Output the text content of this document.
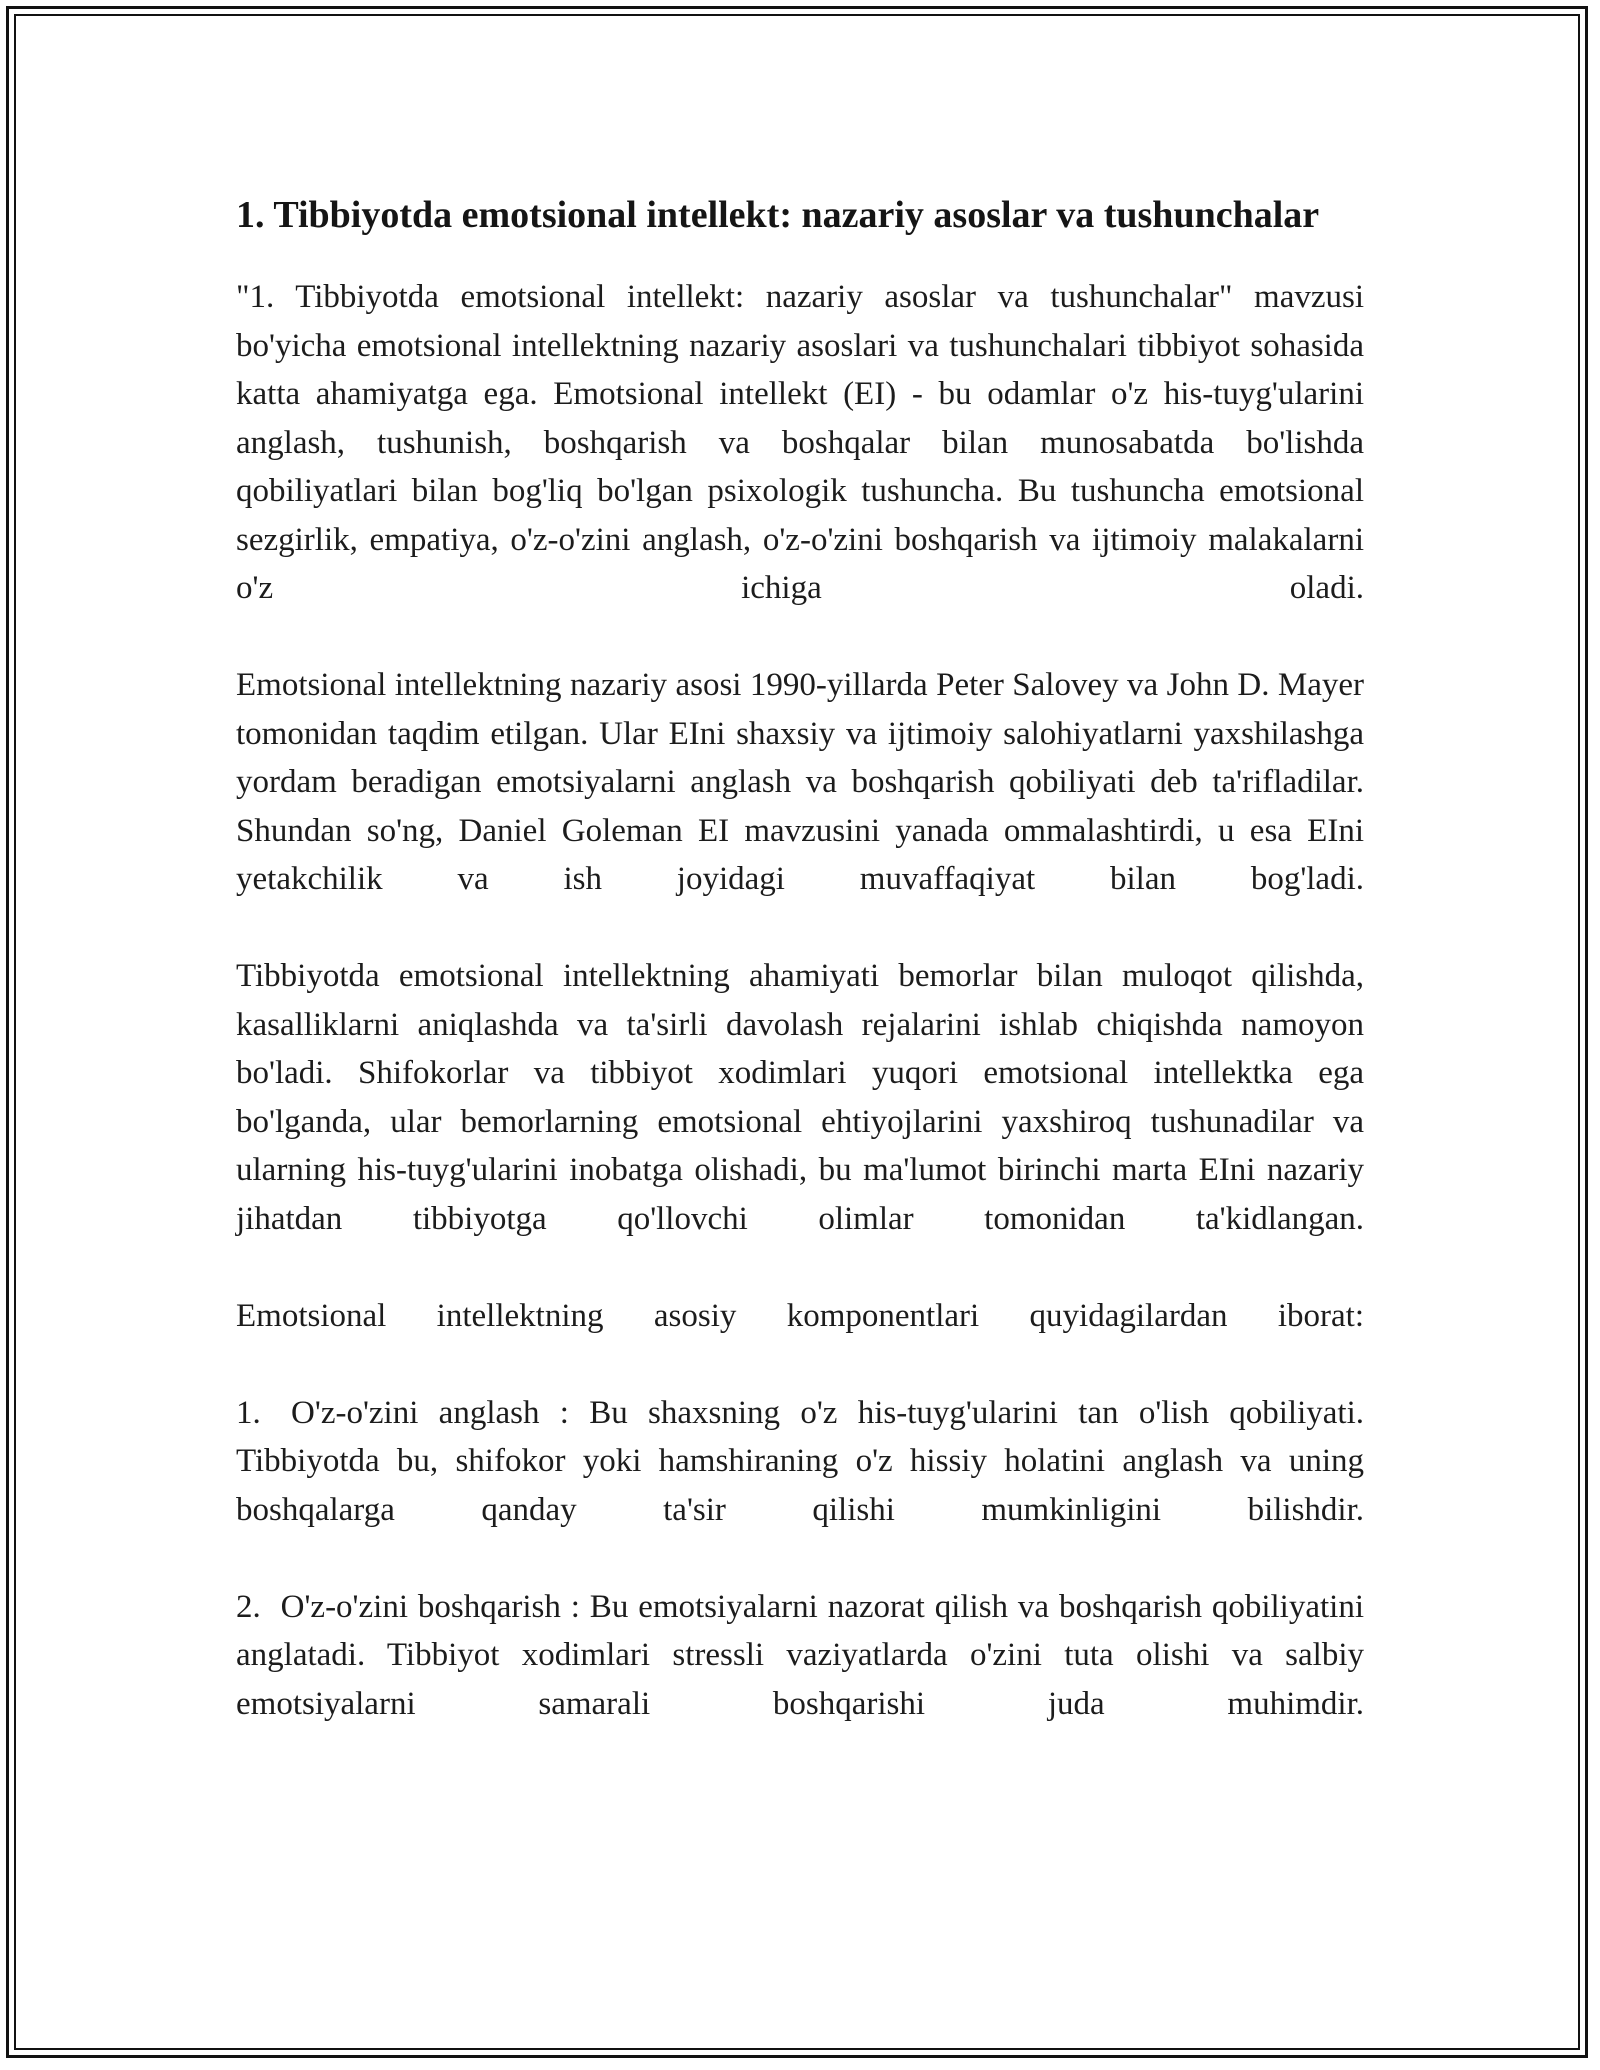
1. Tibbiyotda emotsional intellekt: nazariy asoslar va tushunchalar

"1. Tibbiyotda emotsional intellekt: nazariy asoslar va tushunchalar" mavzusi bo'yicha emotsional intellektning nazariy asoslari va tushunchalari tibbiyot sohasida katta ahamiyatga ega. Emotsional intellekt (EI) - bu odamlar o'z his-tuyg'ularini anglash, tushunish, boshqarish va boshqalar bilan munosabatda bo'lishda qobiliyatlari bilan bog'liq bo'lgan psixologik tushuncha. Bu tushuncha emotsional sezgirlik, empatiya, o'z-o'zini anglash, o'z-o'zini boshqarish va ijtimoiy malakalarni o'z ichiga oladi.

Emotsional intellektning nazariy asosi 1990-yillarda Peter Salovey va John D. Mayer tomonidan taqdim etilgan. Ular EIni shaxsiy va ijtimoiy salohiyatlarni yaxshilashga yordam beradigan emotsiyalarni anglash va boshqarish qobiliyati deb ta'rifladilar. Shundan so'ng, Daniel Goleman EI mavzusini yanada ommalashtirdi, u esa EIni yetakchilik va ish joyidagi muvaffaqiyat bilan bog'ladi.

Tibbiyotda emotsional intellektning ahamiyati bemorlar bilan muloqot qilishda, kasalliklarni aniqlashda va ta'sirli davolash rejalarini ishlab chiqishda namoyon bo'ladi. Shifokorlar va tibbiyot xodimlari yuqori emotsional intellektka ega bo'lganda, ular bemorlarning emotsional ehtiyojlarini yaxshiroq tushunadilar va ularning his-tuyg'ularini inobatga olishadi, bu ma'lumot birinchi marta EIni nazariy jihatdan tibbiyotga qo'llovchi olimlar tomonidan ta'kidlangan.

Emotsional intellektning asosiy komponentlari quyidagilardan iborat:

1. O'z-o'zini anglash : Bu shaxsning o'z his-tuyg'ularini tan o'lish qobiliyati. Tibbiyotda bu, shifokor yoki hamshiraning o'z hissiy holatini anglash va uning boshqalarga qanday ta'sir qilishi mumkinligini bilishdir.

2. O'z-o'zini boshqarish : Bu emotsiyalarni nazorat qilish va boshqarish qobiliyatini anglatadi. Tibbiyot xodimlari stressli vaziyatlarda o'zini tuta olishi va salbiy emotsiyalarni samarali boshqarishi juda muhimdir.
